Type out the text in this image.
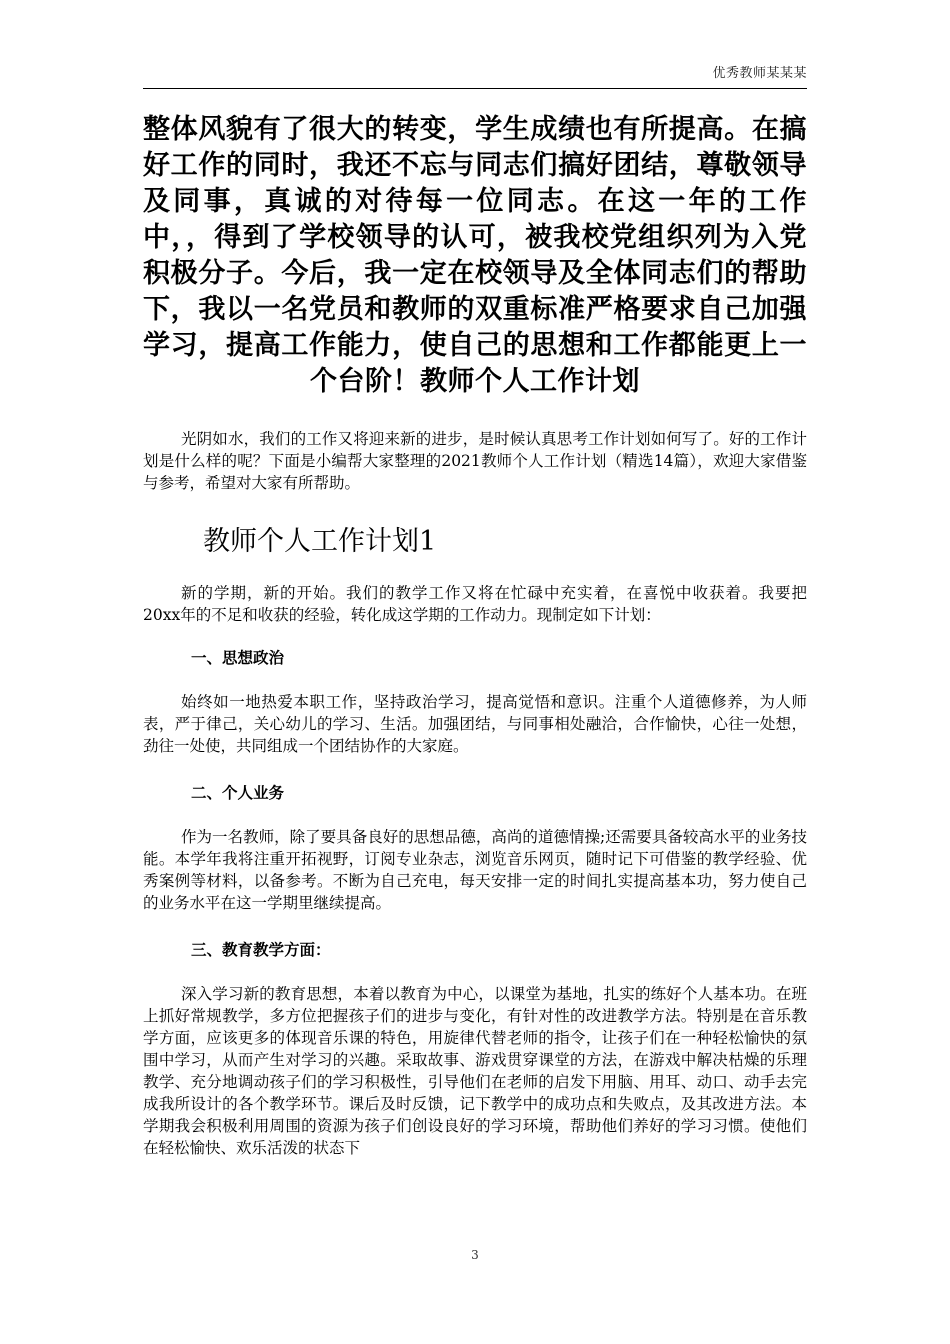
优秀教师某某某

整体风貌有了很大的转变，学生成绩也有所提高。在搞好工作的同时，我还不忘与同志们搞好团结，尊敬领导及同事，真诚的对待每一位同志。在这一年的工作中，，得到了学校领导的认可，被我校党组织列为入党积极分子。今后，我一定在校领导及全体同志们的帮助下，我以一名党员和教师的双重标准严格要求自己加强学习，提高工作能力，使自己的思想和工作都能更上一个台阶！教师个人工作计划

光阴如水，我们的工作又将迎来新的进步，是时候认真思考工作计划如何写了。好的工作计划是什么样的呢？下面是小编帮大家整理的2021教师个人工作计划（精选14篇），欢迎大家借鉴与参考，希望对大家有所帮助。

教师个人工作计划1

新的学期，新的开始。我们的教学工作又将在忙碌中充实着，在喜悦中收获着。我要把20xx年的不足和收获的经验，转化成这学期的工作动力。现制定如下计划：

一、思想政治

始终如一地热爱本职工作，坚持政治学习，提高觉悟和意识。注重个人道德修养，为人师表，严于律己，关心幼儿的学习、生活。加强团结，与同事相处融洽，合作愉快，心往一处想，劲往一处使，共同组成一个团结协作的大家庭。

二、个人业务

作为一名教师，除了要具备良好的思想品德，高尚的道德情操;还需要具备较高水平的业务技能。本学年我将注重开拓视野，订阅专业杂志，浏览音乐网页，随时记下可借鉴的教学经验、优秀案例等材料，以备参考。不断为自己充电，每天安排一定的时间扎实提高基本功，努力使自己的业务水平在这一学期里继续提高。

三、教育教学方面：

深入学习新的教育思想，本着以教育为中心，以课堂为基地，扎实的练好个人基本功。在班上抓好常规教学，多方位把握孩子们的进步与变化，有针对性的改进教学方法。特别是在音乐教学方面，应该更多的体现音乐课的特色，用旋律代替老师的指令，让孩子们在一种轻松愉快的氛围中学习，从而产生对学习的兴趣。采取故事、游戏贯穿课堂的方法，在游戏中解决枯燥的乐理教学、充分地调动孩子们的学习积极性，引导他们在老师的启发下用脑、用耳、动口、动手去完成我所设计的各个教学环节。课后及时反馈，记下教学中的成功点和失败点，及其改进方法。本学期我会积极利用周围的资源为孩子们创设良好的学习环境，帮助他们养好的学习习惯。使他们在轻松愉快、欢乐活泼的状态下

3
